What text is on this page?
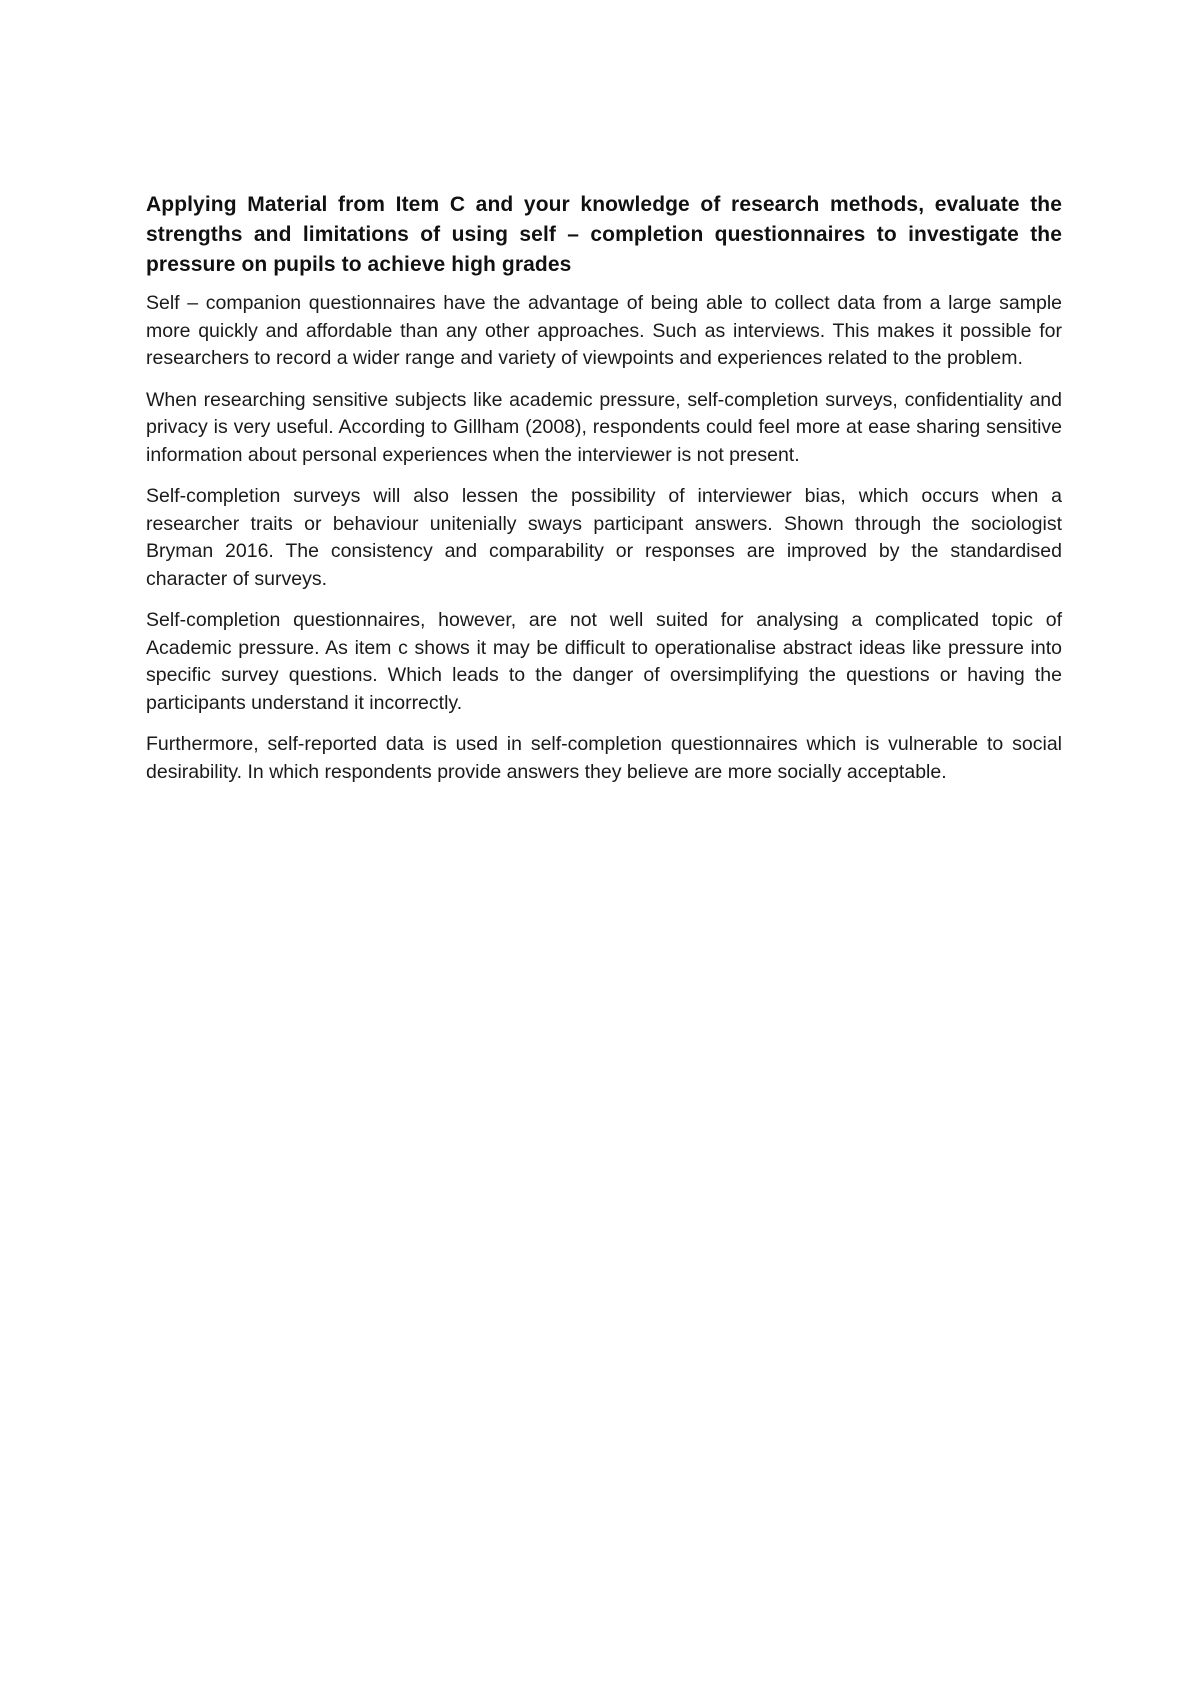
Applying Material from Item C and your knowledge of research methods, evaluate the strengths and limitations of using self – completion questionnaires to investigate the pressure on pupils to achieve high grades

Self – companion questionnaires have the advantage of being able to collect data from a large sample more quickly and affordable than any other approaches. Such as interviews. This makes it possible for researchers to record a wider range and variety of viewpoints and experiences related to the problem.

When researching sensitive subjects like academic pressure, self-completion surveys, confidentiality and privacy is very useful. According to Gillham (2008), respondents could feel more at ease sharing sensitive information about personal experiences when the interviewer is not present.

Self-completion surveys will also lessen the possibility of interviewer bias, which occurs when a researcher traits or behaviour unitenially sways participant answers. Shown through the sociologist Bryman 2016. The consistency and comparability or responses are improved by the standardised character of surveys.

Self-completion questionnaires, however, are not well suited for analysing a complicated topic of Academic pressure. As item c shows it may be difficult to operationalise abstract ideas like pressure into specific survey questions. Which leads to the danger of oversimplifying the questions or having the participants understand it incorrectly.

Furthermore, self-reported data is used in self-completion questionnaires which is vulnerable to social desirability. In which respondents provide answers they believe are more socially acceptable.
